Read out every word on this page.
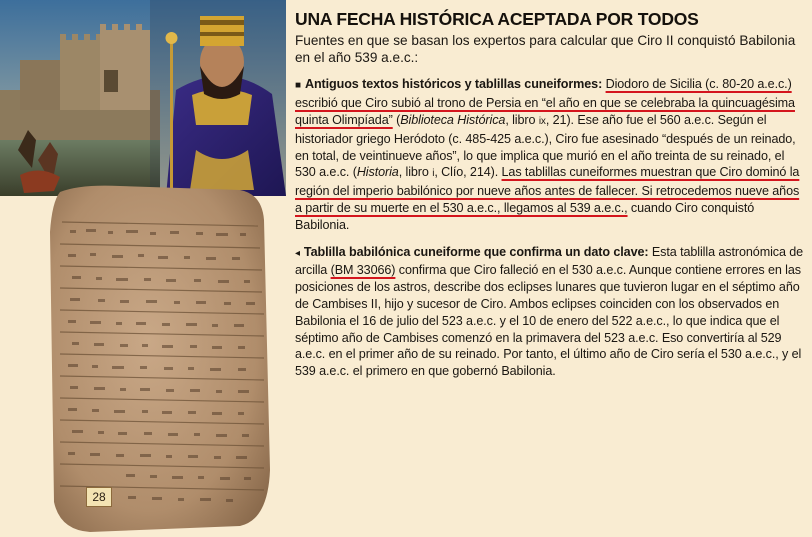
28
UNA FECHA HISTÓRICA ACEPTADA POR TODOS

Fuentes en que se basan los expertos para calcular que Ciro II conquistó Babilonia en el año 539 a.e.c.:

■ Antiguos textos históricos y tablillas cuneiformes: Diodoro de Sicilia (c. 80-20 a.e.c.) escribió que Ciro subió al trono de Persia en “el año en que se celebraba la quincuagésima quinta Olimpíada” (Biblioteca Histórica, libro ix, 21). Ese año fue el 560 a.e.c. Según el historiador griego Heródoto (c. 485-425 a.e.c.), Ciro fue asesinado “después de un reinado, en total, de veintinueve años”, lo que implica que murió en el año treinta de su reinado, el 530 a.e.c. (Historia, libro i, Clío, 214). Las tablillas cuneiformes muestran que Ciro dominó la región del imperio babilónico por nueve años antes de fallecer. Si retrocedemos nueve años a partir de su muerte en el 530 a.e.c., llegamos al 539 a.e.c., cuando Ciro conquistó Babilonia.

◂ Tablilla babilónica cuneiforme que confirma un dato clave: Esta tablilla astronómica de arcilla (BM 33066) confirma que Ciro falleció en el 530 a.e.c. Aunque contiene errores en las posiciones de los astros, describe dos eclipses lunares que tuvieron lugar en el séptimo año de Cambises II, hijo y sucesor de Ciro. Ambos eclipses coinciden con los observados en Babilonia el 16 de julio del 523 a.e.c. y el 10 de enero del 522 a.e.c., lo que indica que el séptimo año de Cambises comenzó en la primavera del 523 a.e.c. Eso convertiría al 529 a.e.c. en el primer año de su reinado. Por tanto, el último año de Ciro sería el 530 a.e.c., y el 539 a.e.c. el primero en que gobernó Babilonia.
